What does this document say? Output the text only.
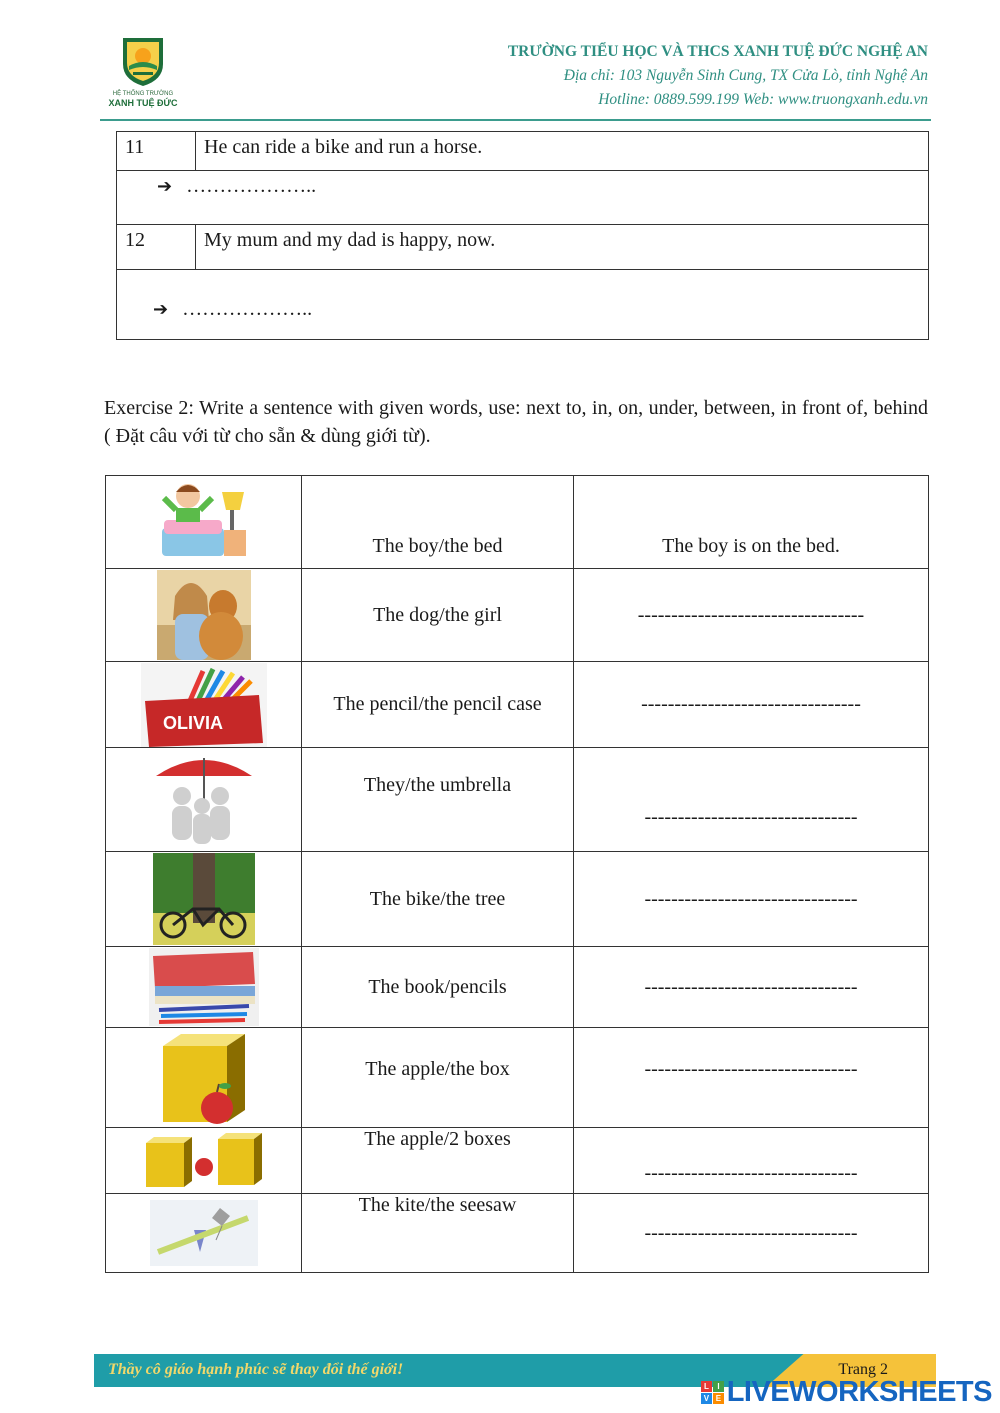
HỆ THỐNG TRƯỜNG
XANH TUỆ ĐỨC
TRƯỜNG TIỂU HỌC VÀ THCS XANH TUỆ ĐỨC NGHỆ AN
Địa chỉ: 103 Nguyễn Sinh Cung, TX Cửa Lò, tỉnh Nghệ An
Hotline: 0889.599.199 Web: www.truongxanh.edu.vn
11	He can ride a bike and run a horse.
➔ ………………..	
12	My mum and my dad is happy, now.
➔ ………………..	
Exercise 2: Write a sentence with given words, use: next to, in, on, under, between, in front of, behind ( Đặt câu với từ cho sẵn & dùng giới từ).
	The boy/the bed	The boy is on the bed.

	The dog/the girl	----------------------------------

OLIVIA	The pencil/the pencil case	---------------------------------

	They/the umbrella	--------------------------------

	The bike/the tree	--------------------------------

	The book/pencils	--------------------------------

	The apple/the box	--------------------------------

	The apple/2 boxes	--------------------------------

	The kite/the seesaw	--------------------------------
Thầy cô giáo hạnh phúc sẽ thay đổi thế giới!	Trang 2
L	I
V E LIVEWORKSHEETS
